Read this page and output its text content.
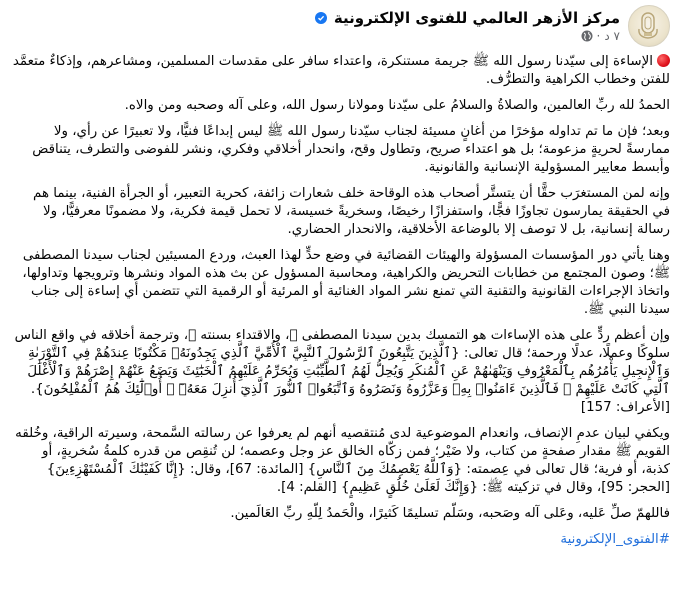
مركز الأزهر العالمي للفتوى الإلكترونية
٧ د
·

الإساءة إلى سيّدنا رسول الله ﷺ جريمة مستنكرة، واعتداء سافر على مقدسات المسلمين، ومشاعرهم، وإذكاءٌ متعمَّد للفتن وخطاب الكراهية والتطرُّف.

الحمدُ لله ربِّ العالمين، والصلاةُ والسلامُ على سيّدنا ومولانا رسول الله، وعلى آله وصحبه ومن والاه.

وبعد؛ فإن ما تم تداوله مؤخرًا من أغانٍ مسيئة لجناب سيّدنا رسول الله ﷺ ليس إبداعًا فنيًّا، ولا تعبيرًا عن رأي، ولا ممارسةً لحريةٍ مزعومة؛ بل هو اعتداء صريح، وتطاول وقح، وانحدار أخلاقي وفكري، ونشر للفوضى والتطرف، يتناقض وأبسط معايير المسؤولية الإنسانية والقانونية.

وإنه لمن المستغرَب حقًّا أن يتستَّر أصحاب هذه الوقاحة خلف شعارات زائفة، كحرية التعبير، أو الجرأة الفنية، بينما هم في الحقيقة يمارسون تجاوزًا فجًّا، واستفزازًا رخيصًا، وسخريةً خسيسة، لا تحمل قيمة فكرية، ولا مضمونًا معرفيًّا، ولا رسالة إنسانية، بل لا توصف إلا بالوضاعة الأخلاقية، والانحدار الحضاري.

وهنا يأتي دور المؤسسات المسؤولة والهيئات القضائية في وضع حدٍّ لهذا العبث، وردع المسيئين لجناب سيدنا المصطفى ﷺ؛ وصون المجتمع من خطابات التحريض والكراهية، ومحاسبة المسؤول عن بث هذه المواد ونشرها وترويجها وتداولها، واتخاذ الإجراءات القانونية والتقنية التي تمنع نشر المواد الغنائية أو المرئية أو الرقمية التي تتضمن أي إساءة إلى جناب سيدنا النبي ﷺ.

وإن أعظم ردٍّ على هذه الإساءات هو التمسك بدين سيدنا المصطفى ﷺ، والاقتداء بسنته ﷺ، وترجمة أخلاقه في واقع الناس سلوكًا وعملًا، عدلًا ورحمة؛ قال تعالى: {ٱلَّذِينَ يَتَّبِعُونَ ٱلرَّسُولَ ٱلنَّبِيَّ ٱلْأُمِّيَّ ٱلَّذِي يَجِدُونَهُۥ مَكْتُوبًا عِندَهُمْ فِي ٱلتَّوْرَىٰةِ وَٱلْإِنجِيلِ يَأْمُرُهُم بِٱلْمَعْرُوفِ وَيَنْهَىٰهُمْ عَنِ ٱلْمُنكَرِ وَيُحِلُّ لَهُمُ ٱلطَّيِّبَٰتِ وَيُحَرِّمُ عَلَيْهِمُ ٱلْخَبَٰٓئِثَ وَيَضَعُ عَنْهُمْ إِصْرَهُمْ وَٱلْأَغْلَٰلَ ٱلَّتِي كَانَتْ عَلَيْهِمْ ۚ فَٱلَّذِينَ ءَامَنُوا۟ بِهِۦ وَعَزَّرُوهُ وَنَصَرُوهُ وَٱتَّبَعُوا۟ ٱلنُّورَ ٱلَّذِيٓ أُنزِلَ مَعَهُۥٓ ۙ أُو۟لَٰٓئِكَ هُمُ ٱلْمُفْلِحُونَ}. [الأعراف: 157]

ويكفي لبيان عدمِ الإنصاف، وانعدام الموضوعية لدى مُنتقصيه أنهم لم يعرفوا عن رسالته السَّمحة، وسيرته الراقية، وخُلقه القويم ﷺ مقدار صفحةٍ من كتاب، ولا ضَيْر؛ فمن زكّاه الخالق عز وجل وعصمه؛ لن تُنقِص من قدره كلمةُ سُخريةٍ، أو كذبة، أو فرية؛ قال تعالى في عِصمته: {وَٱللَّهُ يَعْصِمُكَ مِنَ ٱلنَّاسِ} [المائدة: 67]، وقال: {إِنَّا كَفَيْنَٰكَ ٱلْمُسْتَهْزِءِينَ} [الحجر: 95]، وقال في تزكيته ﷺ: {وَإِنَّكَ لَعَلَىٰ خُلُقٍ عَظِيمٍ} [القلم: 4].

فاللهمّ صلِّ عَليه، وعَلى آله وصَحبه، وسَلّم تسليمًا كَثيرًا، والْحَمدُ لِلّهِ ربِّ العَالَمين.

#الفتوى_الإلكترونية
